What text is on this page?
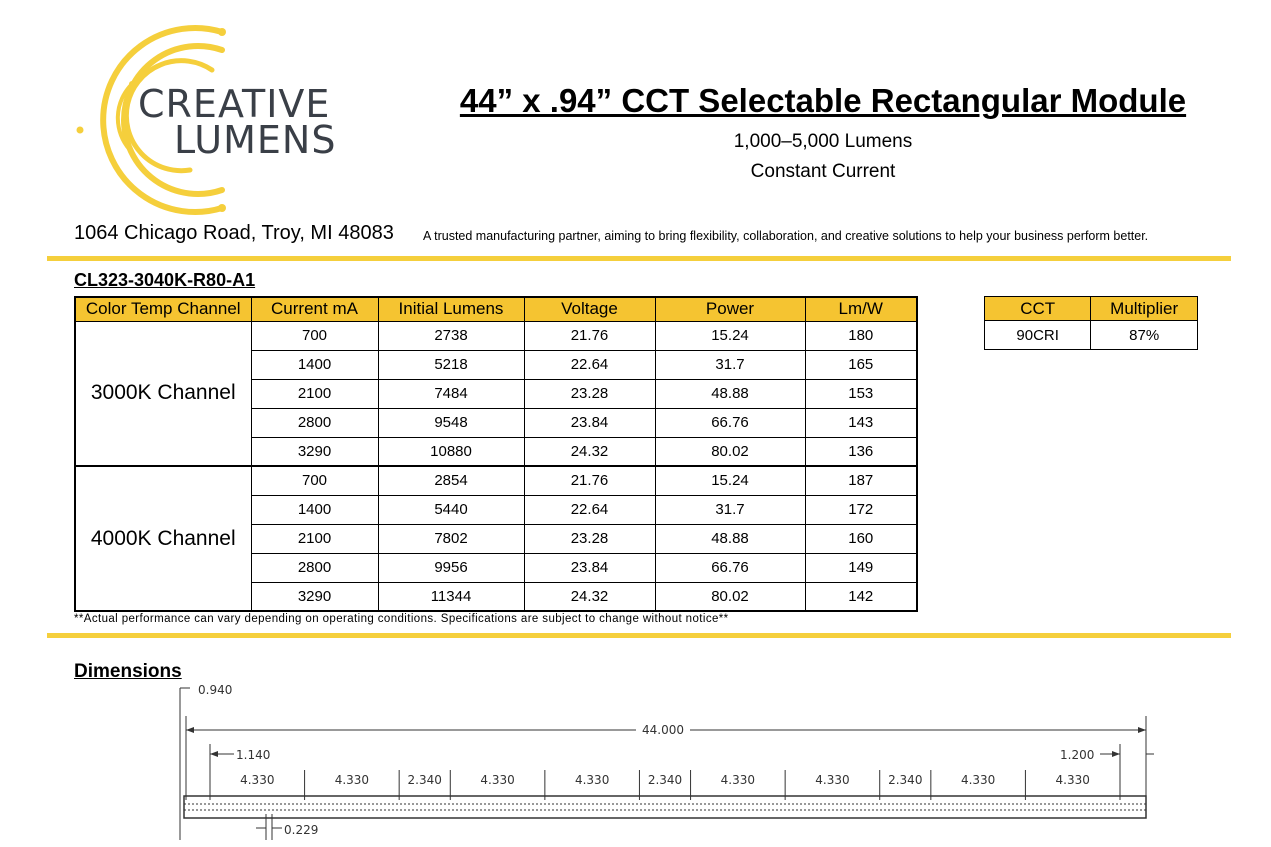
CREATIVE
LUMENS
44” x .94” CCT Selectable Rectangular Module
1,000–5,000 Lumens
Constant Current
1064 Chicago Road, Troy, MI 48083 A trusted manufacturing partner, aiming to bring flexibility, collaboration, and creative solutions to help your business perform better.
CL323-3040K-R80-A1
Color Temp Channel	Current mA	Initial Lumens	Voltage	Power	Lm/W
3000K Channel	700	2738	21.76	15.24	180
	1400	5218	22.64	31.7	165
	2100	7484	23.28	48.88	153
	2800	9548	23.84	66.76	143
	3290	10880	24.32	80.02	136
4000K Channel	700	2854	21.76	15.24	187
	1400	5440	22.64	31.7	172
	2100	7802	23.28	48.88	160
	2800	9956	23.84	66.76	149
	3290	11344	24.32	80.02	142
CCT	Multiplier
90CRI	87%
**Actual performance can vary depending on operating conditions. Specifications are subject to change without notice**
Dimensions
4.330	4.330	2.340	4.330	4.330	2.340	4.330	4.330	2.340	4.330	4.330
0.940
44.000
1.140	1.200
0.229
